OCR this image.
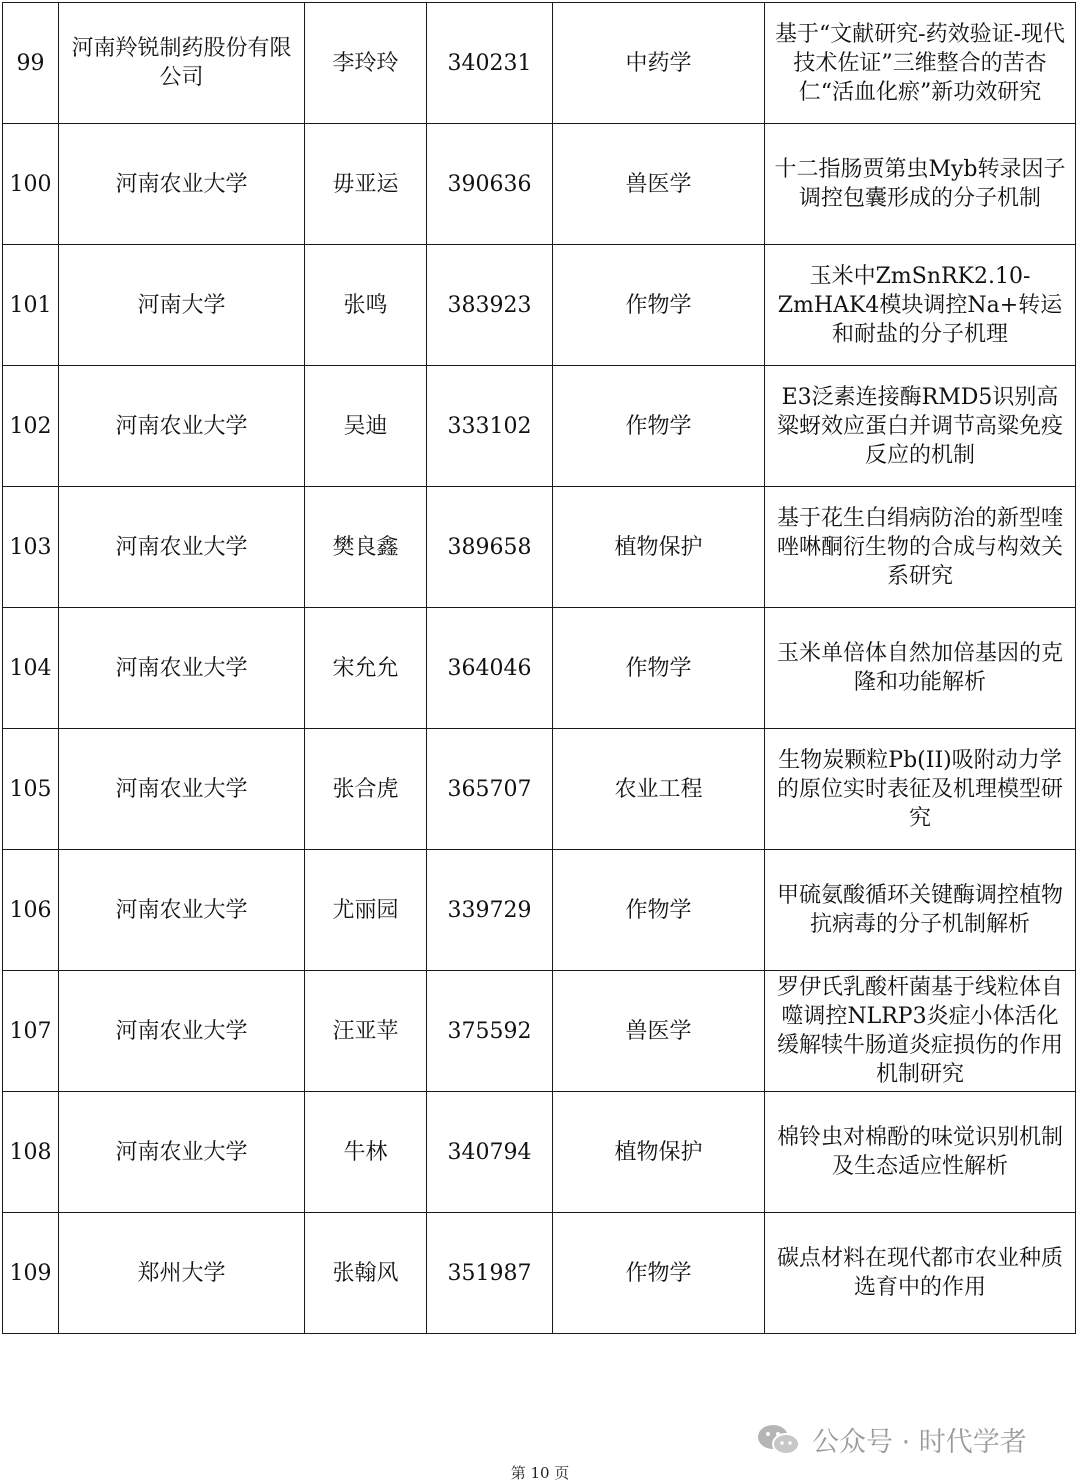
99	河南羚锐制药股份有限公司	李玲玲	340231	中药学	基于“文献研究-药效验证-现代技术佐证”三维整合的苦杏仁“活血化瘀”新功效研究
100	河南农业大学	毋亚运	390636	兽医学	十二指肠贾第虫Myb转录因子调控包囊形成的分子机制
101	河南大学	张鸣	383923	作物学	玉米中ZmSnRK2.10-ZmHAK4模块调控Na+转运和耐盐的分子机理
102	河南农业大学	吴迪	333102	作物学	E3泛素连接酶RMD5识别高粱蚜效应蛋白并调节高粱免疫反应的机制
103	河南农业大学	樊良鑫	389658	植物保护	基于花生白绢病防治的新型喹唑啉酮衍生物的合成与构效关系研究
104	河南农业大学	宋允允	364046	作物学	玉米单倍体自然加倍基因的克隆和功能解析
105	河南农业大学	张合虎	365707	农业工程	生物炭颗粒Pb(II)吸附动力学的原位实时表征及机理模型研究
106	河南农业大学	尤丽园	339729	作物学	甲硫氨酸循环关键酶调控植物抗病毒的分子机制解析
107	河南农业大学	汪亚苹	375592	兽医学	罗伊氏乳酸杆菌基于线粒体自噬调控NLRP3炎症小体活化缓解犊牛肠道炎症损伤的作用机制研究
108	河南农业大学	牛林	340794	植物保护	棉铃虫对棉酚的味觉识别机制及生态适应性解析
109	郑州大学	张翰风	351987	作物学	碳点材料在现代都市农业种质选育中的作用
公众号 · 时代学者
第 10 页
